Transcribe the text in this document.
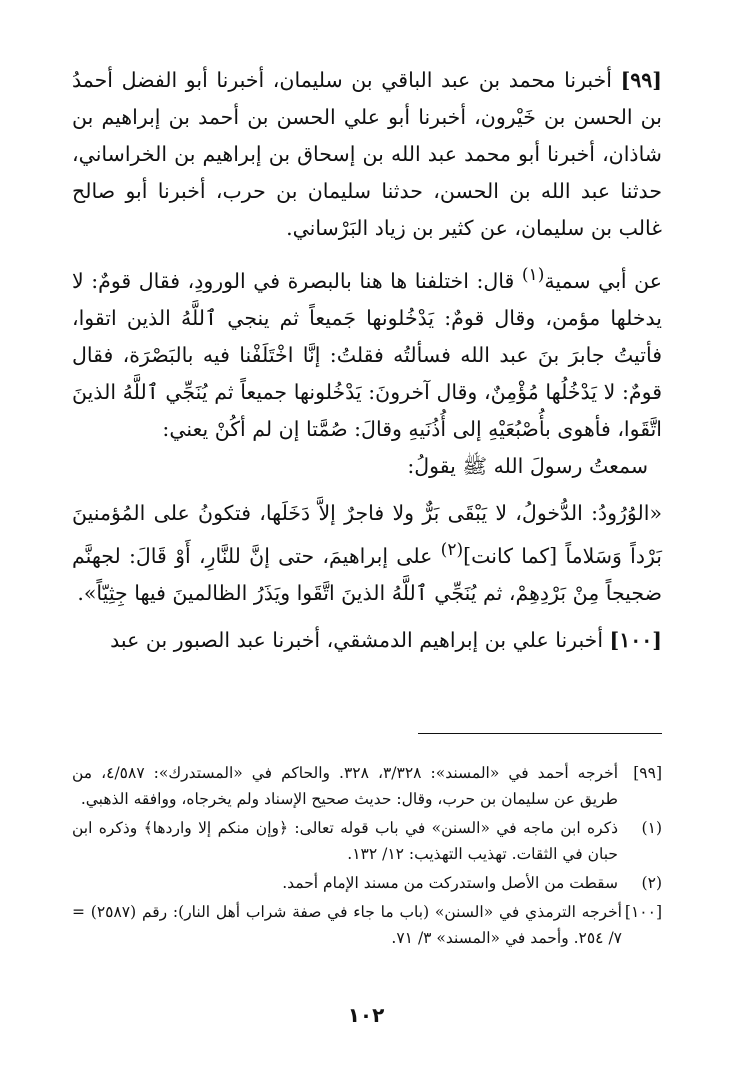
[٩٩] أخبرنا محمد بن عبد الباقي بن سليمان، أخبرنا أبو الفضل أحمدُ بن الحسن بن خَيْرون، أخبرنا أبو علي الحسن بن أحمد بن إبراهيم بن شاذان، أخبرنا أبو محمد عبد الله بن إسحاق بن إبراهيم بن الخراساني، حدثنا عبد الله بن الحسن، حدثنا سليمان بن حرب، أخبرنا أبو صالح غالب بن سليمان، عن كثير بن زياد البَرْساني.

عن أبي سمية$^{(١)}$ قال: اختلفنا ها هنا بالبصرة في الورودِ، فقال قومٌ: لا يدخلها مؤمن، وقال قومٌ: يَدْخُلونها جَميعاً ثم ينجي ٱللَّهُ الذين اتقوا، فأتيتُ جابرَ بنَ عبد الله فسألتُه فقلتُ: إنَّا اخْتَلَفْنا فيه بالبَصْرَة، فقال قومٌ: لا يَدْخُلُها مُؤْمِنٌ، وقال آخرونَ: يَدْخُلونها جميعاً ثم يُنَجِّي ٱللَّهُ الذينَ اتَّقَوا، فأهوى بأُصْبُعَيْهِ إلى أُذُنَيهِ وقالَ: صُمَّتا إن لم أكُنْ يعني:

سمعتُ رسولَ الله ﷺ يقولُ:

«الوُرُودُ: الدُّخولُ، لا يَبْقَى بَرٌّ ولا فاجرٌ إلاَّ دَخَلَها، فتكونُ على المُؤمنينَ بَرْداً وَسَلاماً [كما كانت]$^{(٢)}$ على إبراهيمَ، حتى إنَّ للنَّارِ، أَوْ قَالَ: لجهنَّم ضجيجاً مِنْ بَرْدِهِمْ، ثم يُنَجِّي ٱللَّهُ الذينَ اتَّقَوا ويَذَرُ الظالمينَ فيها جِثِيّاً».

[١٠٠] أخبرنا علي بن إبراهيم الدمشقي، أخبرنا عبد الصبور بن عبد

[٩٩]
أخرجه أحمد في «المسند»: ٣/٣٢٨، ٣٢٨. والحاكم في «المستدرك»: ٤/٥٨٧، من طريق عن سليمان بن حرب، وقال: حديث صحيح الإسناد ولم يخرجاه، ووافقه الذهبي.
(١)
ذكره ابن ماجه في «السنن» في باب قوله تعالى: ﴿وإن منكم إلا واردها﴾ وذكره ابن حبان في الثقات. تهذيب التهذيب: ١٢/ ١٣٢.
(٢)
سقطت من الأصل واستدركت من مسند الإمام أحمد.
[١٠٠]
أخرجه الترمذي في «السنن» (باب ما جاء في صفة شراب أهل النار): رقم (٢٥٨٧) = ٧/ ٢٥٤. وأحمد في «المسند» ٣/ ٧١.
١٠٢
